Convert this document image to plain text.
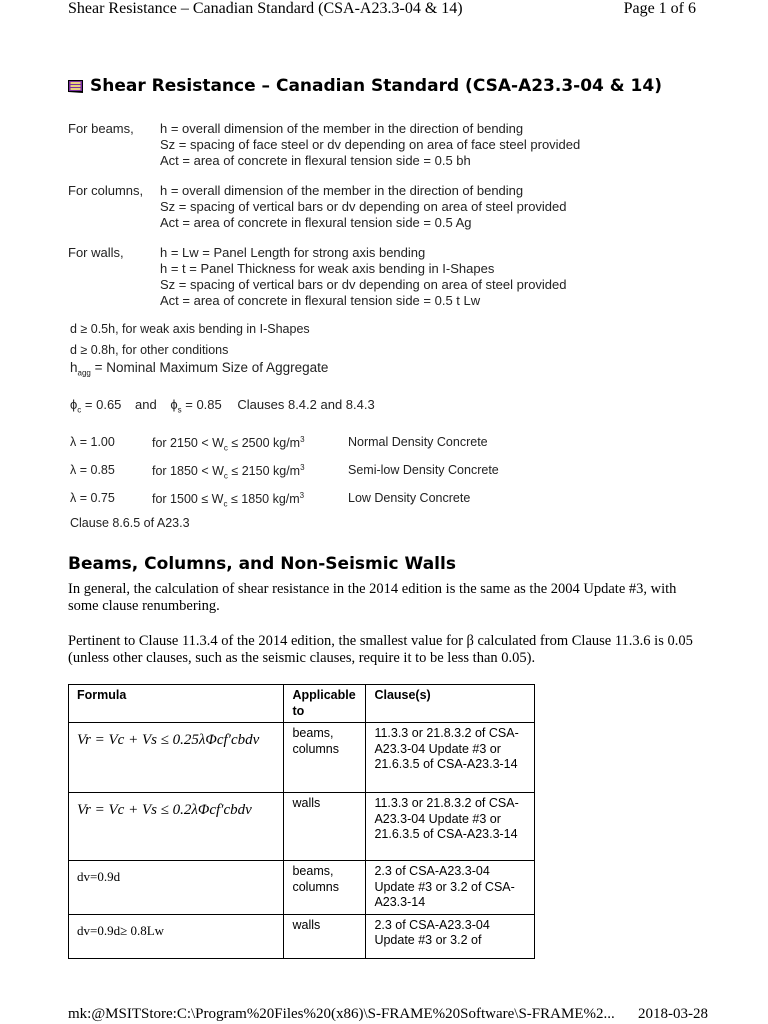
Shear Resistance – Canadian Standard (CSA-A23.3-04 & 14)	Page 1 of 6
Shear Resistance – Canadian Standard (CSA-A23.3-04 & 14)
For beams,	h = overall dimension of the member in the direction of bending
Sz = spacing of face steel or dv depending on area of face steel provided
Act = area of concrete in flexural tension side = 0.5 bh
For columns,	h = overall dimension of the member in the direction of bending
Sz = spacing of vertical bars or dv depending on area of steel provided
Act = area of concrete in flexural tension side = 0.5 Ag
For walls,	h = Lw = Panel Length for strong axis bending
h = t = Panel Thickness for weak axis bending in I-Shapes
Sz = spacing of vertical bars or dv depending on area of steel provided
Act = area of concrete in flexural tension side = 0.5 t Lw
d ≥ 0.5h, for weak axis bending in I-Shapes
d ≥ 0.8h, for other conditions
$h_{agg}$ = Nominal Maximum Size of Aggregate
$\phi_c = 0.65$ and $\phi_s = 0.85$ Clauses 8.4.2 and 8.4.3
λ = 1.00	for $2150 < W_c \le 2500$ $kg/m^3$	Normal Density Concrete
λ = 0.85	for $1850 < W_c \le 2150$ $kg/m^3$	Semi-low Density Concrete
λ = 0.75	for $1500 \le W_c \le 1850$ $kg/m^3$	Low Density Concrete
Clause 8.6.5 of A23.3
Beams, Columns, and Non-Seismic Walls
In general, the calculation of shear resistance in the 2014 edition is the same as the 2004 Update #3, with some clause renumbering.
Pertinent to Clause 11.3.4 of the 2014 edition, the smallest value for β calculated from Clause 11.3.6 is 0.05 (unless other clauses, such as the seismic clauses, require it to be less than 0.05).
Formula	Applicable to	Clause(s)
Vr = Vc + Vs ≤ 0.25λΦcf′cbdv	beams, columns	11.3.3 or 21.8.3.2 of CSA-A23.3-04 Update #3 or 21.6.3.5 of CSA-A23.3-14
Vr = Vc + Vs ≤ 0.2λΦcf′cbdv	walls	11.3.3 or 21.8.3.2 of CSA-A23.3-04 Update #3 or 21.6.3.5 of CSA-A23.3-14
dv=0.9d	beams, columns	2.3 of CSA-A23.3-04 Update #3 or 3.2 of CSA-A23.3-14
dv=0.9d≥ 0.8Lw	walls	2.3 of CSA-A23.3-04 Update #3 or 3.2 of
mk:@MSITStore:C:\Program%20Files%20(x86)\S-FRAME%20Software\S-FRAME%2... 2018-03-28
